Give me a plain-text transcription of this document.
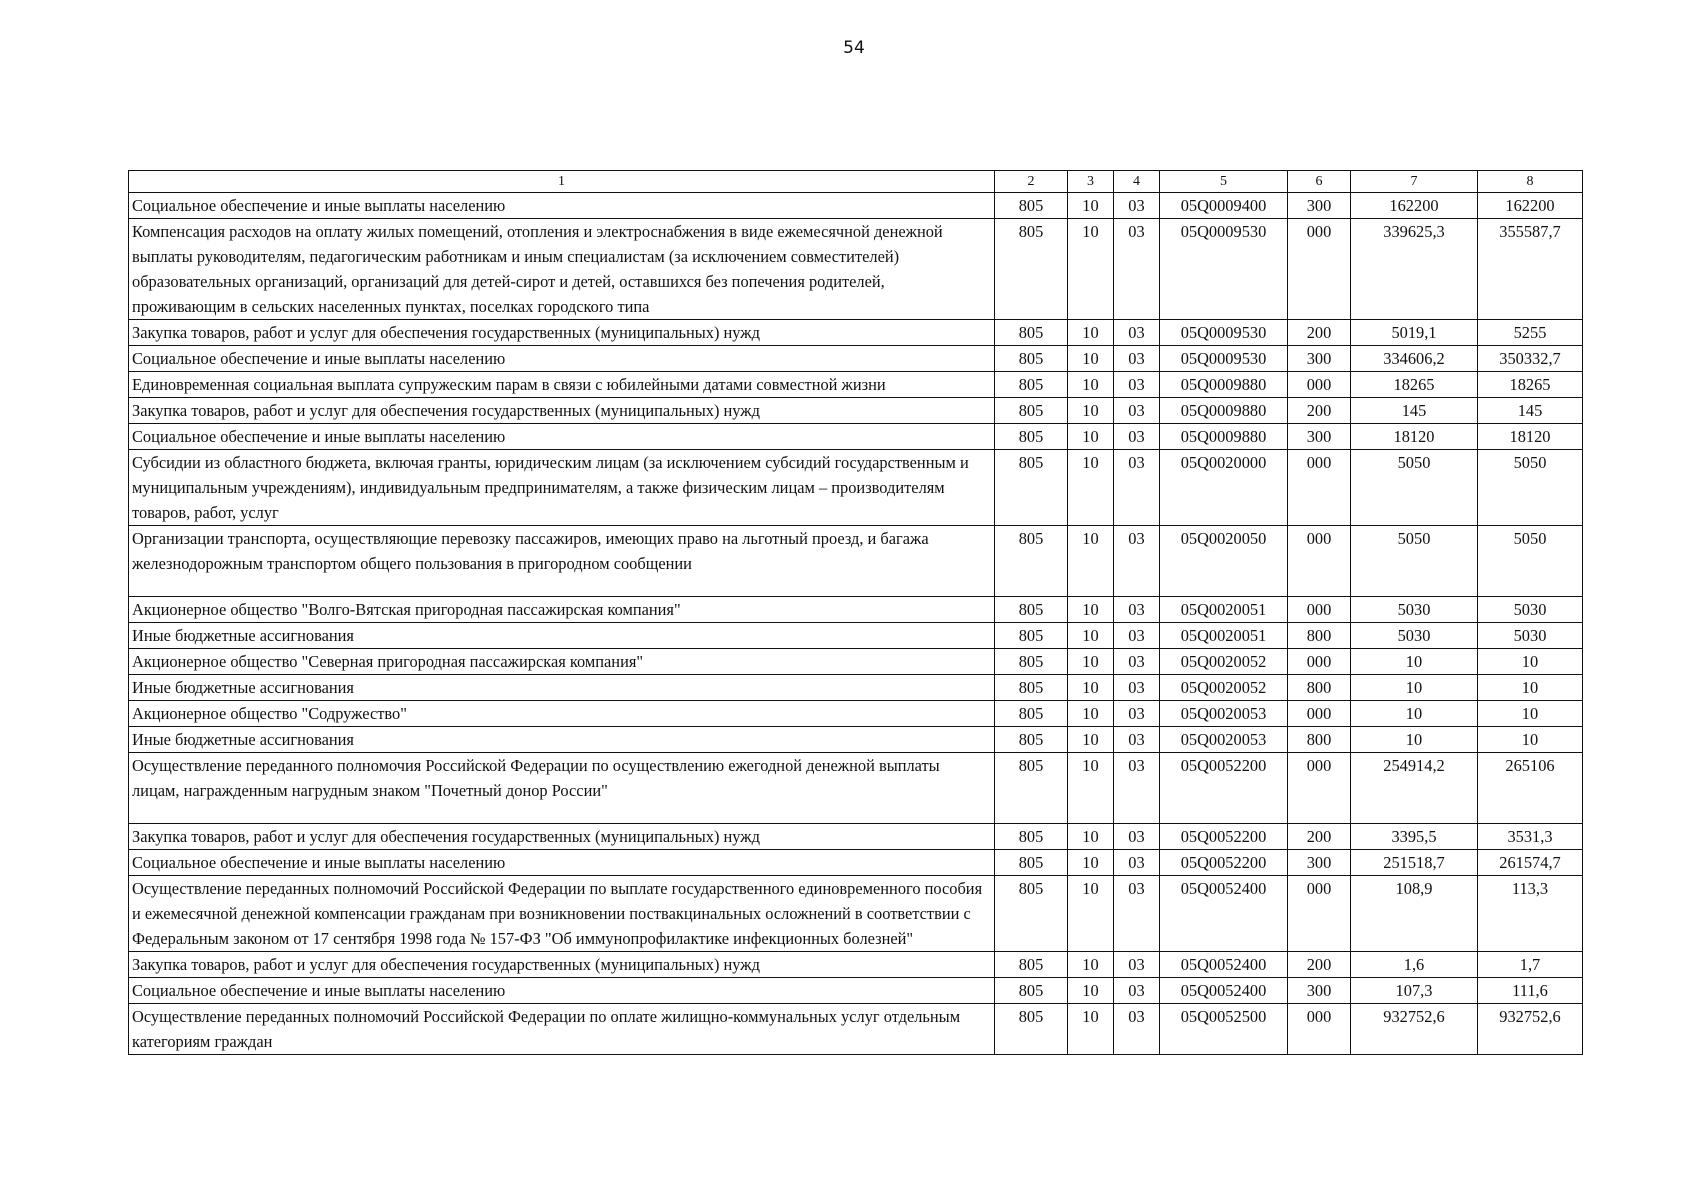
54
1	2	3	4	5	6	7	8
Социальное обеспечение и иные выплаты населению	805	10	03	05Q0009400	300	162200	162200
Компенсация расходов на оплату жилых помещений, отопления и электроснабжения в виде ежемесячной денежной выплаты руководителям, педагогическим работникам и иным специалистам (за исключением совместителей) образовательных организаций, организаций для детей-сирот и детей, оставшихся без попечения родителей, проживающим в сельских населенных пунктах, поселках городского типа	805	10	03	05Q0009530	000	339625,3	355587,7
Закупка товаров, работ и услуг для обеспечения государственных (муниципальных) нужд	805	10	03	05Q0009530	200	5019,1	5255
Социальное обеспечение и иные выплаты населению	805	10	03	05Q0009530	300	334606,2	350332,7
Единовременная социальная выплата супружеским парам в связи с юбилейными датами совместной жизни	805	10	03	05Q0009880	000	18265	18265
Закупка товаров, работ и услуг для обеспечения государственных (муниципальных) нужд	805	10	03	05Q0009880	200	145	145
Социальное обеспечение и иные выплаты населению	805	10	03	05Q0009880	300	18120	18120
Субсидии из областного бюджета, включая гранты, юридическим лицам (за исключением субсидий государственным и муниципальным учреждениям), индивидуальным предпринимателям, а также физическим лицам – производителям товаров, работ, услуг	805	10	03	05Q0020000	000	5050	5050
Организации транспорта, осуществляющие перевозку пассажиров, имеющих право на льготный проезд, и багажа железнодорожным транспортом общего пользования в пригородном сообщении	805	10	03	05Q0020050	000	5050	5050
Акционерное общество "Волго-Вятская пригородная пассажирская компания"	805	10	03	05Q0020051	000	5030	5030
Иные бюджетные ассигнования	805	10	03	05Q0020051	800	5030	5030
Акционерное общество "Северная пригородная пассажирская компания"	805	10	03	05Q0020052	000	10	10
Иные бюджетные ассигнования	805	10	03	05Q0020052	800	10	10
Акционерное общество "Содружество"	805	10	03	05Q0020053	000	10	10
Иные бюджетные ассигнования	805	10	03	05Q0020053	800	10	10
Осуществление переданного полномочия Российской Федерации по осуществлению ежегодной денежной выплаты лицам, награжденным нагрудным знаком "Почетный донор России"	805	10	03	05Q0052200	000	254914,2	265106
Закупка товаров, работ и услуг для обеспечения государственных (муниципальных) нужд	805	10	03	05Q0052200	200	3395,5	3531,3
Социальное обеспечение и иные выплаты населению	805	10	03	05Q0052200	300	251518,7	261574,7
Осуществление переданных полномочий Российской Федерации по выплате государственного единовременного пособия и ежемесячной денежной компенсации гражданам при возникновении поствакцинальных осложнений в соответствии с Федеральным законом от 17 сентября 1998 года № 157-ФЗ "Об иммунопрофилактике инфекционных болезней"	805	10	03	05Q0052400	000	108,9	113,3
Закупка товаров, работ и услуг для обеспечения государственных (муниципальных) нужд	805	10	03	05Q0052400	200	1,6	1,7
Социальное обеспечение и иные выплаты населению	805	10	03	05Q0052400	300	107,3	111,6
Осуществление переданных полномочий Российской Федерации по оплате жилищно-коммунальных услуг отдельным категориям граждан	805	10	03	05Q0052500	000	932752,6	932752,6
